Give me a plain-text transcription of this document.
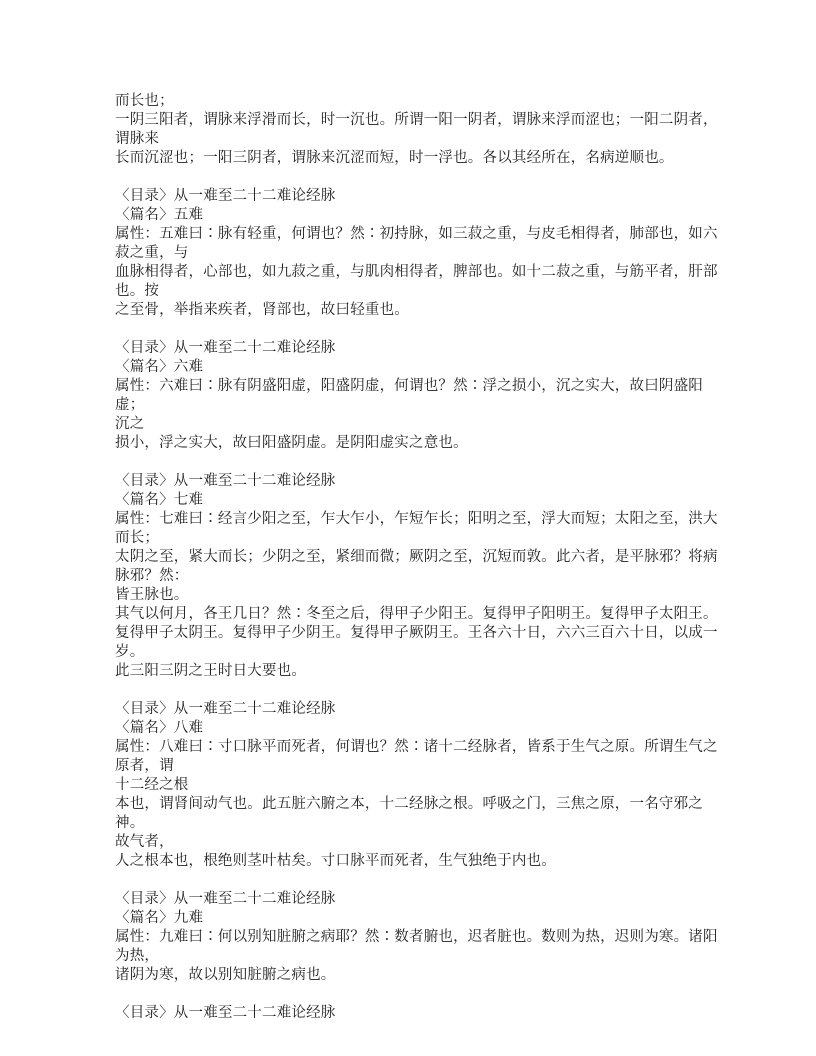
而长也；
一阴三阳者，谓脉来浮滑而长，时一沉也。所谓一阳一阴者，谓脉来浮而涩也；一阳二阴者，
谓脉来
长而沉涩也；一阳三阴者，谓脉来沉涩而短，时一浮也。各以其经所在，名病逆顺也。
〈目录〉从一难至二十二难论经脉
〈篇名〉五难
属性：五难曰∶脉有轻重，何谓也？然∶初持脉，如三菽之重，与皮毛相得者，肺部也，如六
菽之重，与
血脉相得者，心部也，如九菽之重，与肌肉相得者，脾部也。如十二菽之重，与筋平者，肝部
也。按
之至骨，举指来疾者，肾部也，故曰轻重也。
〈目录〉从一难至二十二难论经脉
〈篇名〉六难
属性：六难曰∶脉有阴盛阳虚，阳盛阴虚，何谓也？然∶浮之损小，沉之实大，故曰阴盛阳虚；
沉之
损小，浮之实大，故曰阳盛阴虚。是阴阳虚实之意也。
〈目录〉从一难至二十二难论经脉
〈篇名〉七难
属性：七难曰∶经言少阳之至，乍大乍小，乍短乍长；阳明之至，浮大而短；太阳之至，洪大
而长；
太阴之至，紧大而长；少阴之至，紧细而微；厥阴之至，沉短而敦。此六者，是平脉邪？将病
脉邪？然：
皆王脉也。
其气以何月，各王几日？然∶冬至之后，得甲子少阳王。复得甲子阳明王。复得甲子太阳王。
复得甲子太阴王。复得甲子少阴王。复得甲子厥阴王。王各六十日，六六三百六十日，以成一
岁。
此三阳三阴之王时日大要也。
〈目录〉从一难至二十二难论经脉
〈篇名〉八难
属性：八难曰∶寸口脉平而死者，何谓也？然∶诸十二经脉者，皆系于生气之原。所谓生气之
原者，谓
十二经之根
本也，谓肾间动气也。此五脏六腑之本，十二经脉之根。呼吸之门，三焦之原，一名守邪之神。
故气者，
人之根本也，根绝则茎叶枯矣。寸口脉平而死者，生气独绝于内也。
〈目录〉从一难至二十二难论经脉
〈篇名〉九难
属性：九难曰∶何以别知脏腑之病耶？然∶数者腑也，迟者脏也。数则为热，迟则为寒。诸阳
为热，
诸阴为寒，故以别知脏腑之病也。
〈目录〉从一难至二十二难论经脉
